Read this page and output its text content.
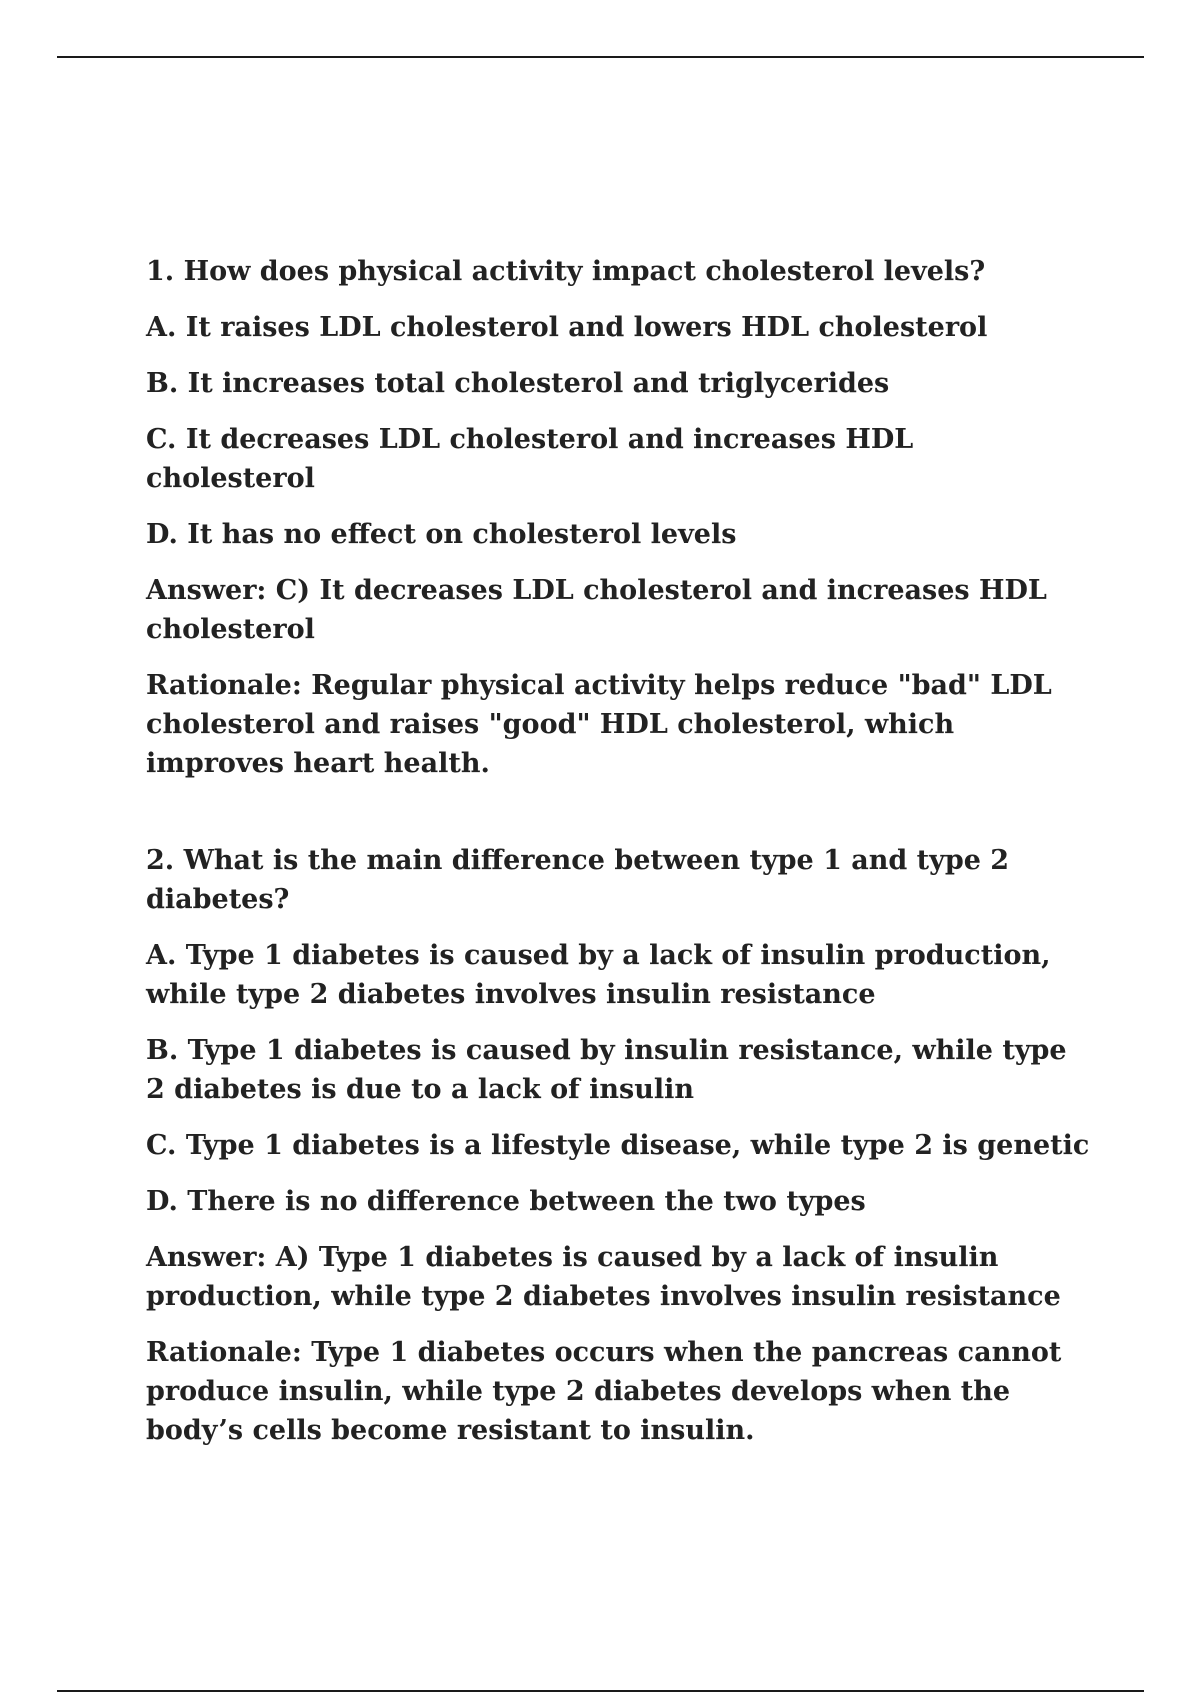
1. How does physical activity impact cholesterol levels?

A. It raises LDL cholesterol and lowers HDL cholesterol

B. It increases total cholesterol and triglycerides

C. It decreases LDL cholesterol and increases HDL cholesterol

D. It has no effect on cholesterol levels

Answer: C) It decreases LDL cholesterol and increases HDL cholesterol

Rationale: Regular physical activity helps reduce "bad" LDL cholesterol and raises "good" HDL cholesterol, which improves heart health.

2. What is the main difference between type 1 and type 2 diabetes?

A. Type 1 diabetes is caused by a lack of insulin production, while type 2 diabetes involves insulin resistance

B. Type 1 diabetes is caused by insulin resistance, while type 2 diabetes is due to a lack of insulin

C. Type 1 diabetes is a lifestyle disease, while type 2 is genetic

D. There is no difference between the two types

Answer: A) Type 1 diabetes is caused by a lack of insulin production, while type 2 diabetes involves insulin resistance

Rationale: Type 1 diabetes occurs when the pancreas cannot produce insulin, while type 2 diabetes develops when the body’s cells become resistant to insulin.
